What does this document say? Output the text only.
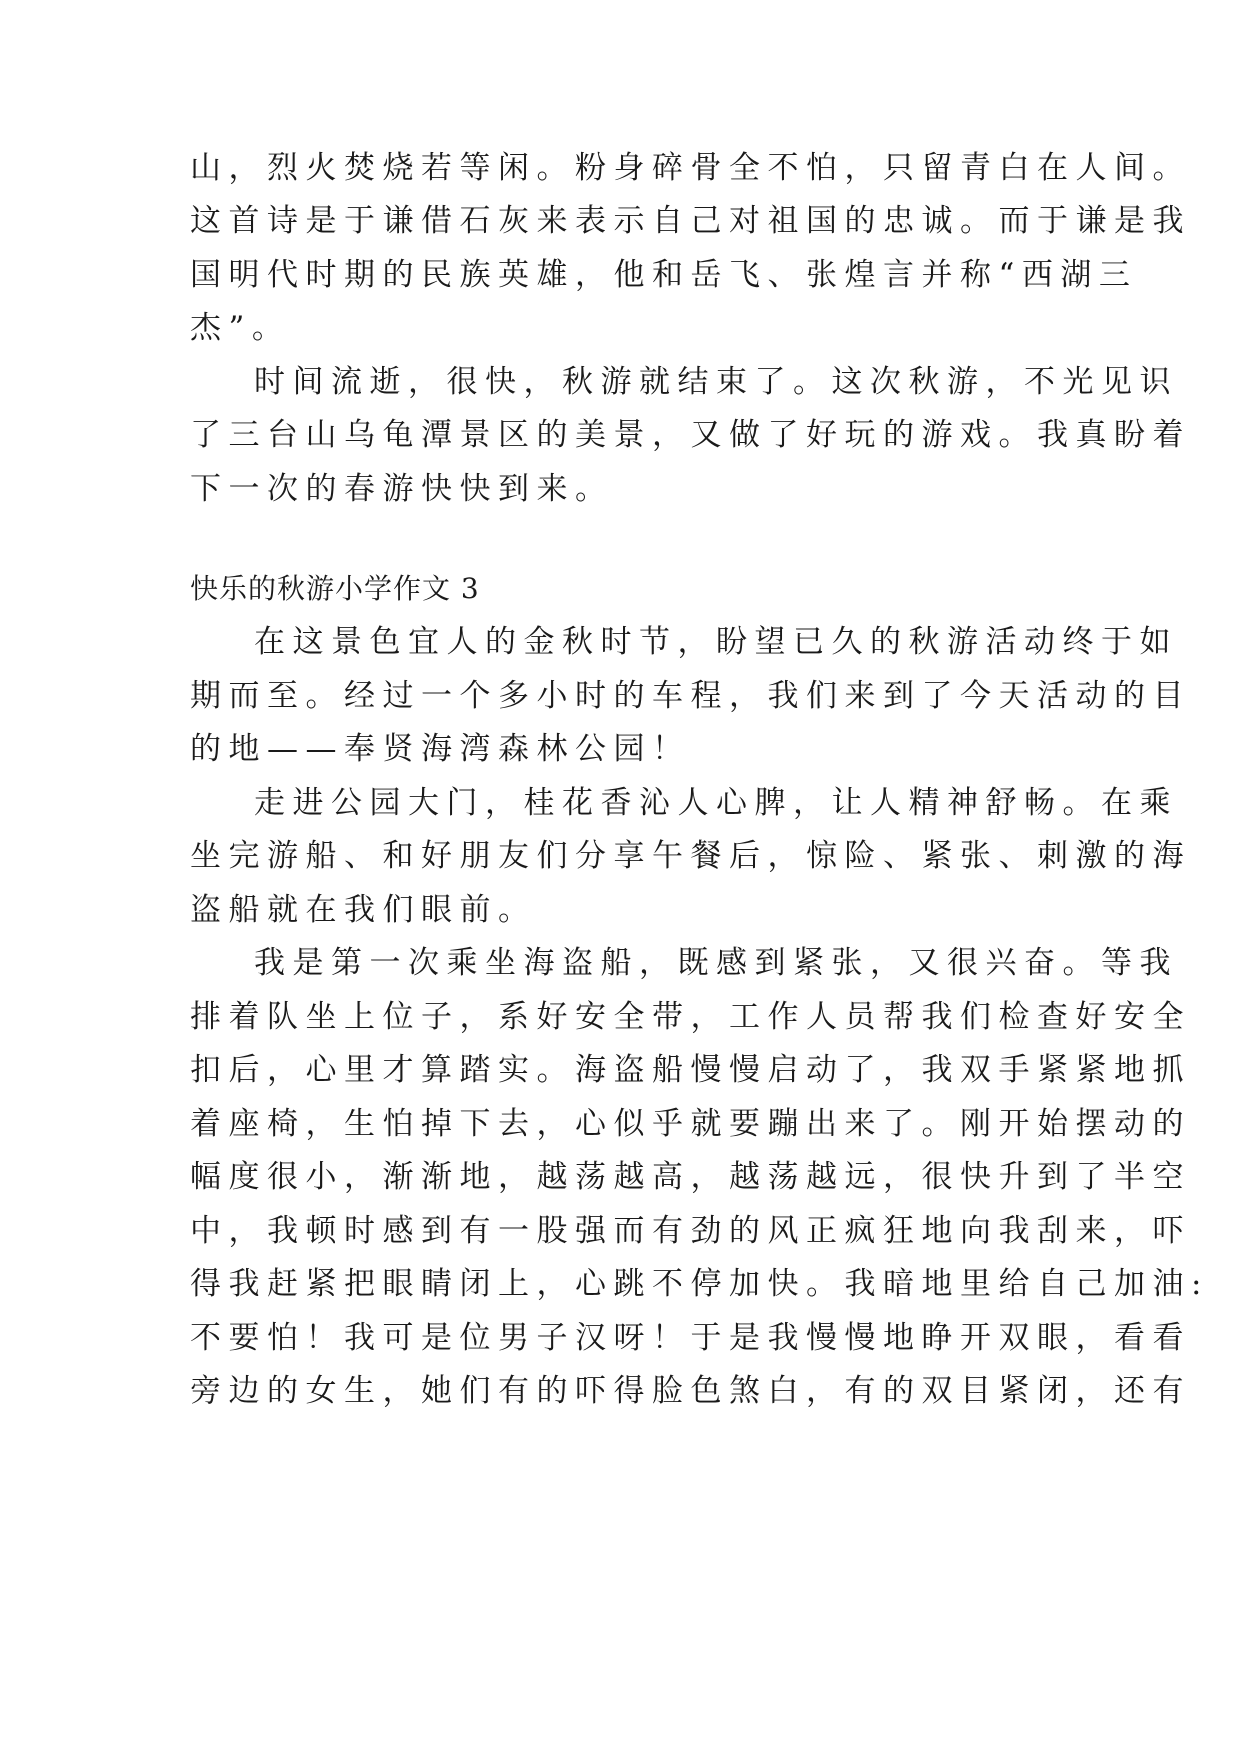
山，烈火焚烧若等闲。粉身碎骨全不怕，只留青白在人间。
这首诗是于谦借石灰来表示自己对祖国的忠诚。而于谦是我
国明代时期的民族英雄，他和岳飞、张煌言并称“西湖三
杰”。
时间流逝，很快，秋游就结束了。这次秋游，不光见识
了三台山乌龟潭景区的美景，又做了好玩的游戏。我真盼着
下一次的春游快快到来。
快乐的秋游小学作文 3
在这景色宜人的金秋时节，盼望已久的秋游活动终于如
期而至。经过一个多小时的车程，我们来到了今天活动的目
的地——奉贤海湾森林公园！
走进公园大门，桂花香沁人心脾，让人精神舒畅。在乘
坐完游船、和好朋友们分享午餐后，惊险、紧张、刺激的海
盗船就在我们眼前。
我是第一次乘坐海盗船，既感到紧张，又很兴奋。等我
排着队坐上位子，系好安全带，工作人员帮我们检查好安全
扣后，心里才算踏实。海盗船慢慢启动了，我双手紧紧地抓
着座椅，生怕掉下去，心似乎就要蹦出来了。刚开始摆动的
幅度很小，渐渐地，越荡越高，越荡越远，很快升到了半空
中，我顿时感到有一股强而有劲的风正疯狂地向我刮来，吓
得我赶紧把眼睛闭上，心跳不停加快。我暗地里给自己加油:
不要怕！我可是位男子汉呀！于是我慢慢地睁开双眼，看看
旁边的女生，她们有的吓得脸色煞白，有的双目紧闭，还有
